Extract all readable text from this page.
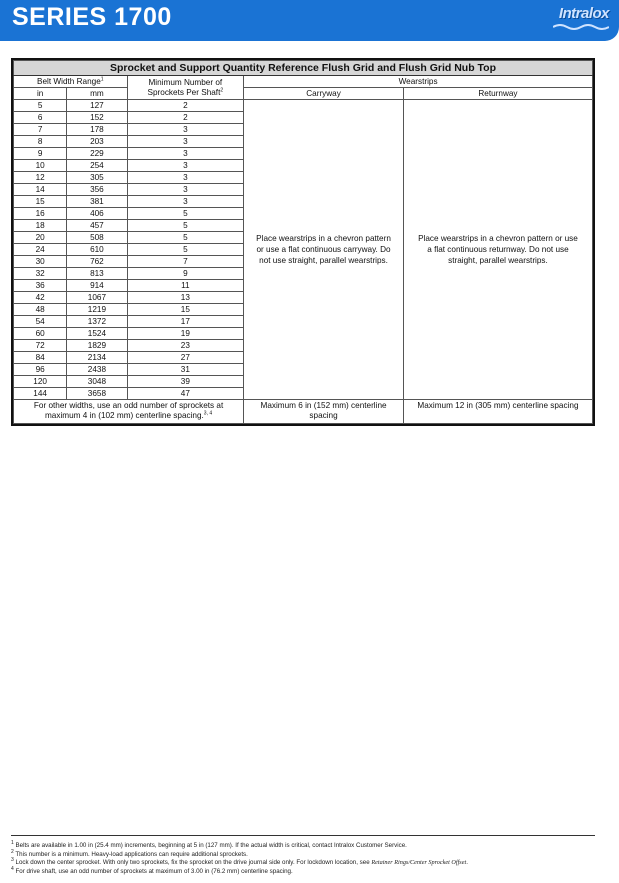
SERIES 1700	Intralox
Sprocket and Support Quantity Reference Flush Grid and Flush Grid Nub Top				
Belt Width Range$^1$		Minimum Number of Sprockets Per Shaft$^2$	Wearstrips	
in	mm		Carryway	Returnway
5	127	2	Place wearstrips in a chevron pattern or use a flat continuous carryway. Do not use straight, parallel wearstrips.	Place wearstrips in a chevron pattern or use a flat continuous returnway. Do not use straight, parallel wearstrips.
6	152	2		
7	178	3		
8	203	3		
9	229	3		
10	254	3		
12	305	3		
14	356	3		
15	381	3		
16	406	5		
18	457	5		
20	508	5		
24	610	5		
30	762	7		
32	813	9		
36	914	11		
42	1067	13		
48	1219	15		
54	1372	17		
60	1524	19		
72	1829	23		
84	2134	27		
96	2438	31		
120	3048	39		
144	3658	47		
For other widths, use an odd number of sprockets at maximum 4 in (102 mm) centerline spacing.$^{3, 4}$			Maximum 6 in (152 mm) centerline spacing	Maximum 12 in (305 mm) centerline spacing
$^1$ Belts are available in 1.00 in (25.4 mm) increments, beginning at 5 in (127 mm). If the actual width is critical, contact Intralox Customer Service.
$^2$ This number is a minimum. Heavy-load applications can require additional sprockets.
$^3$ Lock down the center sprocket. With only two sprockets, fix the sprocket on the drive journal side only. For lockdown location, see Retainer Rings/Center Sprocket Offset.
$^4$ For drive shaft, use an odd number of sprockets at maximum of 3.00 in (76.2 mm) centerline spacing.
